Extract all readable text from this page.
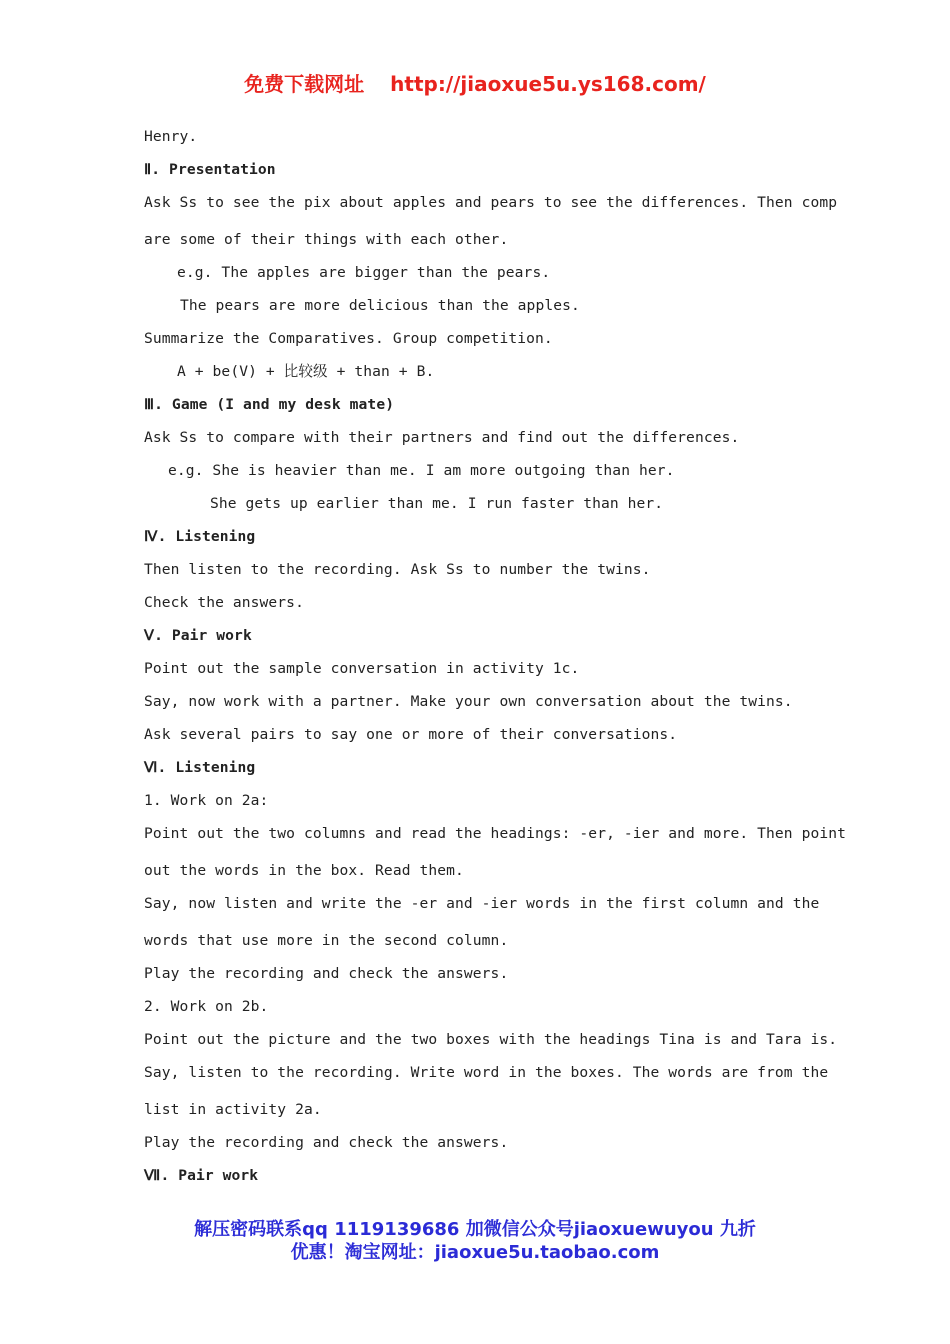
免费下载网址 http://jiaoxue5u.ys168.com/
Henry.
Ⅱ. Presentation
Ask Ss to see the pix about apples and pears to see the differences. Then comp
are some of their things with each other.
e.g. The apples are bigger than the pears.
The pears are more delicious than the apples.
Summarize the Comparatives. Group competition.
A + be(V) + 比较级 + than + B.
Ⅲ. Game (I and my desk mate)
Ask Ss to compare with their partners and find out the differences.
e.g. She is heavier than me. I am more outgoing than her.
She gets up earlier than me. I run faster than her.
Ⅳ. Listening
Then listen to the recording. Ask Ss to number the twins.
Check the answers.
Ⅴ. Pair work
Point out the sample conversation in activity 1c.
Say, now work with a partner. Make your own conversation about the twins.
Ask several pairs to say one or more of their conversations.
Ⅵ. Listening
1. Work on 2a:
Point out the two columns and read the headings: -er, -ier and more. Then point
out the words in the box. Read them.
Say, now listen and write the -er and -ier words in the first column and the
words that use more in the second column.
Play the recording and check the answers.
2. Work on 2b.
Point out the picture and the two boxes with the headings Tina is and Tara is.
Say, listen to the recording. Write word in the boxes. The words are from the
list in activity 2a.
Play the recording and check the answers.
Ⅶ. Pair work
解压密码联系qq 1119139686 加微信公众号jiaoxuewuyou 九折
优惠！淘宝网址：jiaoxue5u.taobao.com
